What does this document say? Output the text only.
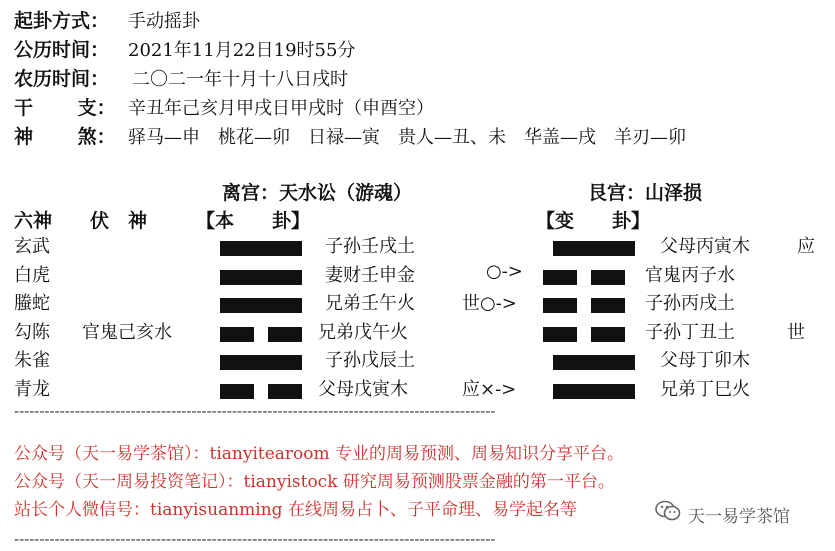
起卦方式： 手动摇卦
公历时间： 2021年11月22日19时55分
农历时间： 二〇二一年十月十八日戌时
干 支： 辛丑年己亥月甲戌日甲戌时（申酉空）
神 煞： 驿马—申　桃花—卯　日禄—寅　贵人—丑、未　华盖—戌　羊刃—卯
离宫：天水讼（游魂）	艮宫：山泽损
六神 伏　神	【本　　卦】	【变　　卦】
玄武	子孙壬戌土	父母丙寅木	应
白虎	妻财壬申金	○->	官鬼丙子水
螣蛇	兄弟壬午火	世○->	子孙丙戌土
勾陈 官鬼己亥水	兄弟戊午火	子孙丁丑土	世
朱雀	子孙戊辰土	父母丁卯木
青龙	父母戊寅木	应×->	兄弟丁巳火
-----------------------------------------------------------------------------------------------
公众号（天一易学茶馆）：tianyitearoom 专业的周易预测、周易知识分享平台。
公众号（天一周易投资笔记）：tianyistock 研究周易预测股票金融的第一平台。
站长个人微信号：tianyisuanming 在线周易占卜、子平命理、易学起名等	天一易学茶馆
-----------------------------------------------------------------------------------------------
